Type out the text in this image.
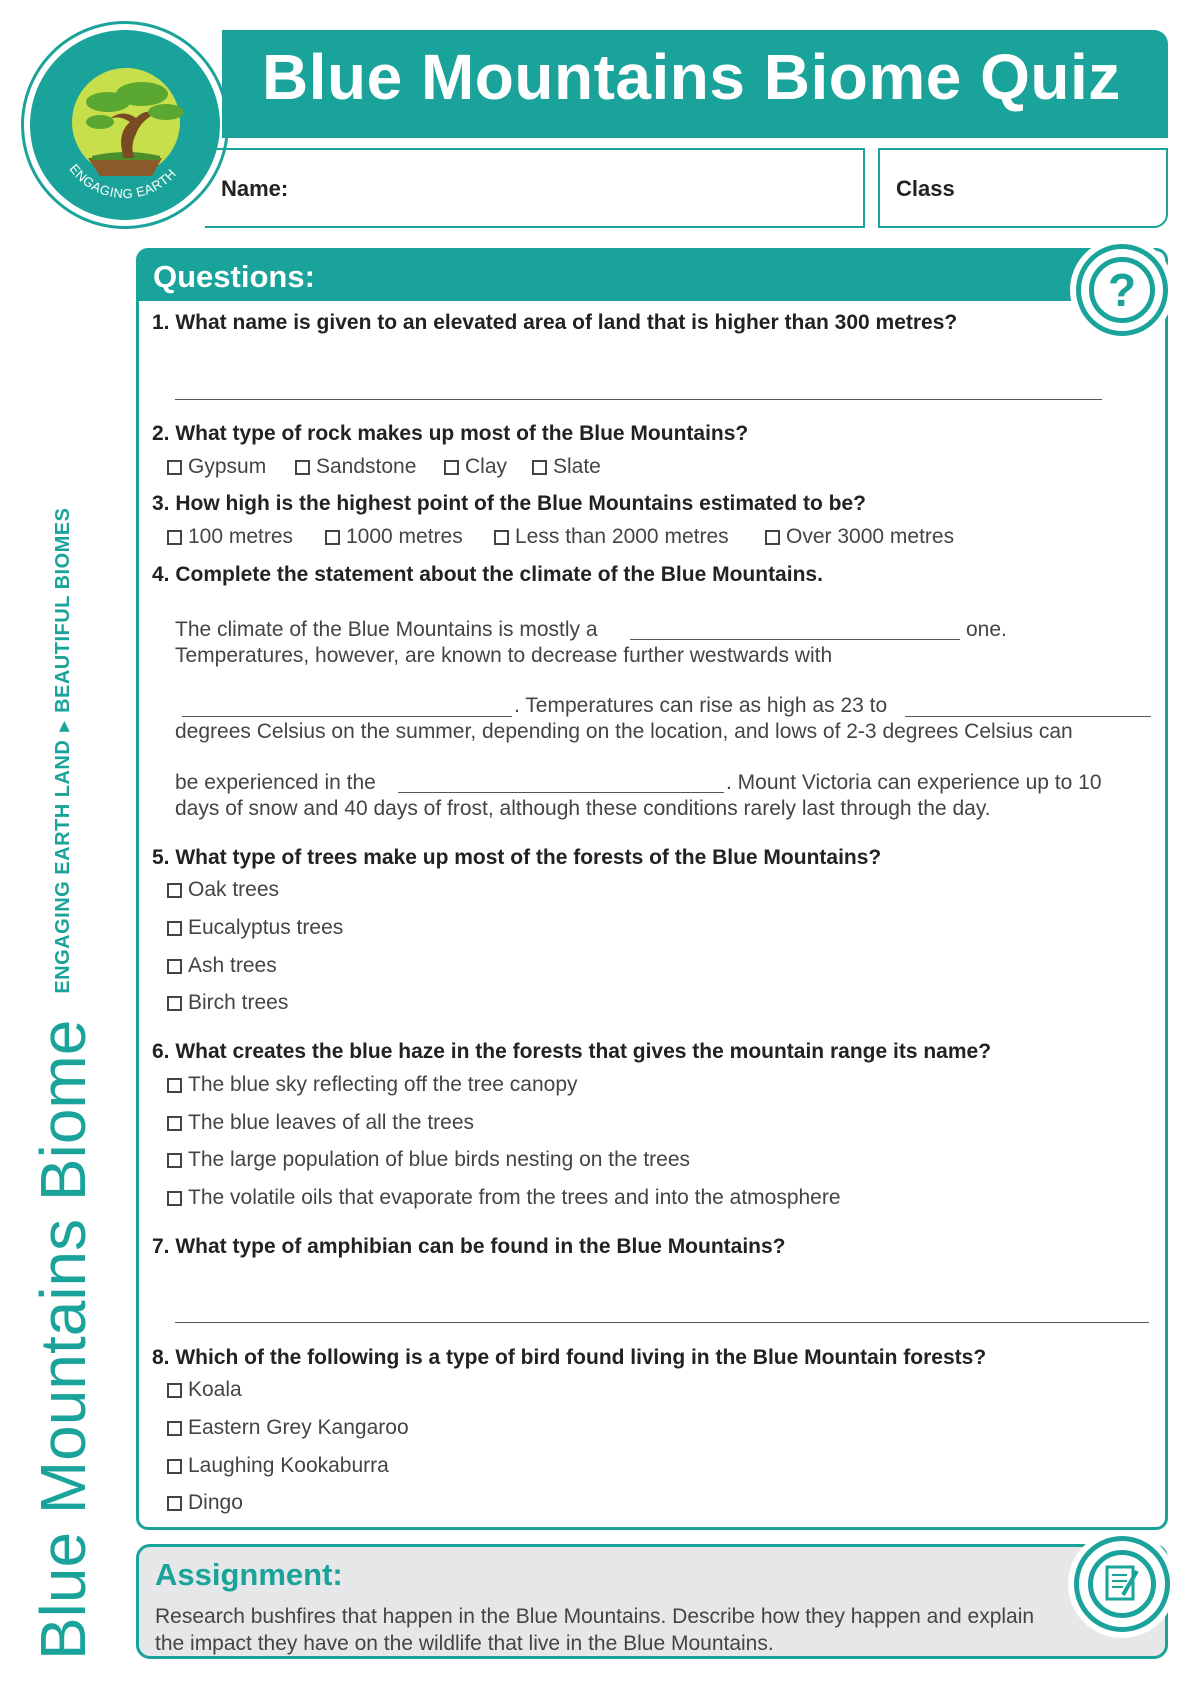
ENGAGING EARTH
Blue Mountains Biome Quiz
Name:	Class
Blue Mountains Biome
ENGAGING EARTH LAND
▶
BEAUTIFUL BIOMES
Questions:	?
1. What name is given to an elevated area of land that is higher than 300 metres?
2. What type of rock makes up most of the Blue Mountains?
Gypsum Sandstone Clay Slate
3. How high is the highest point of the Blue Mountains estimated to be?
100 metres	1000 metres Less than 2000 metres	Over 3000 metres
4. Complete the statement about the climate of the Blue Mountains.
The climate of the Blue Mountains is mostly a	one.
Temperatures, however, are known to decrease further westwards with
. Temperatures can rise as high as 23 to
degrees Celsius on the summer, depending on the location, and lows of 2-3 degrees Celsius can
be experienced in the	. Mount Victoria can experience up to 10
days of snow and 40 days of frost, although these conditions rarely last through the day.
5. What type of trees make up most of the forests of the Blue Mountains?
Oak trees
Eucalyptus trees
Ash trees
Birch trees
6. What creates the blue haze in the forests that gives the mountain range its name?
The blue sky reflecting off the tree canopy
The blue leaves of all the trees
The large population of blue birds nesting on the trees
The volatile oils that evaporate from the trees and into the atmosphere
7. What type of amphibian can be found in the Blue Mountains?
8. Which of the following is a type of bird found living in the Blue Mountain forests?
Koala
Eastern Grey Kangaroo
Laughing Kookaburra
Dingo
Assignment:
Research bushfires that happen in the Blue Mountains. Describe how they happen and explain the impact they have on the wildlife that live in the Blue Mountains.
